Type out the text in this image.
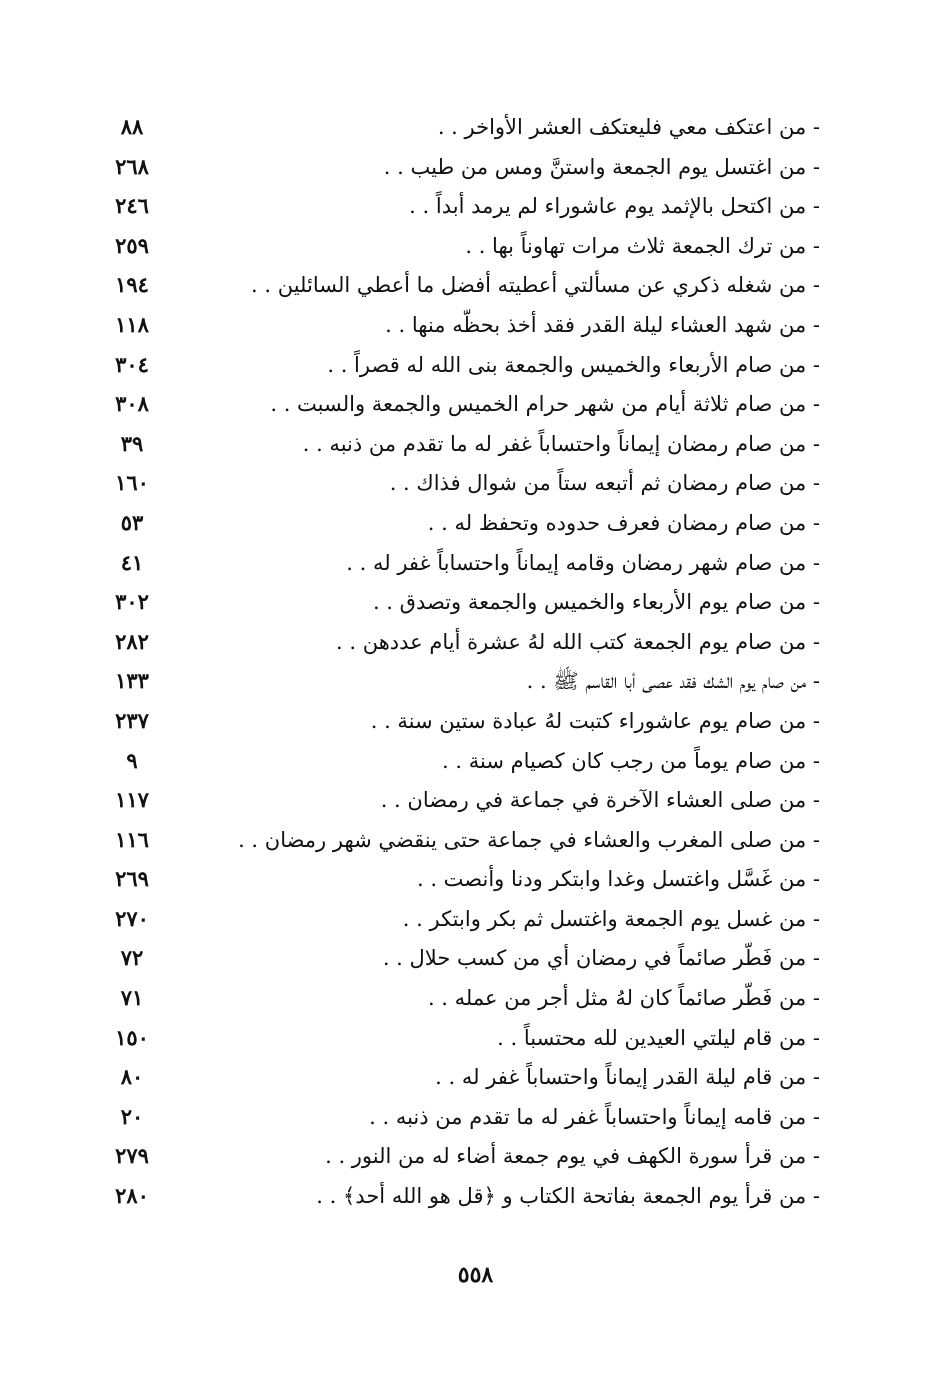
- من اعتكف معي فليعتكف العشر الأواخر . .
٨٨
- من اغتسل يوم الجمعة واستنَّ ومس من طيب . .
٢٦٨
- من اكتحل بالإثمد يوم عاشوراء لم يرمد أبداً . .
٢٤٦
- من ترك الجمعة ثلاث مرات تهاوناً بها . .
٢٥٩
- من شغله ذكري عن مسألتي أعطيته أفضل ما أعطي السائلين . .
١٩٤
- من شهد العشاء ليلة القدر فقد أخذ بحظّه منها . .
١١٨
- من صام الأربعاء والخميس والجمعة بنى الله له قصراً . .
٣٠٤
- من صام ثلاثة أيام من شهر حرام الخميس والجمعة والسبت . .
٣٠٨
- من صام رمضان إيماناً واحتساباً غفر له ما تقدم من ذنبه . .
٣٩
- من صام رمضان ثم أتبعه ستاً من شوال فذاك . .
١٦٠
- من صام رمضان فعرف حدوده وتحفظ له . .
٥٣
- من صام شهر رمضان وقامه إيماناً واحتساباً غفر له . .
٤١
- من صام يوم الأربعاء والخميس والجمعة وتصدق . .
٣٠٢
- من صام يوم الجمعة كتب الله لهُ عشرة أيام عددهن . .
٢٨٢
- من صام يوم الشك فقد عصى أبا القاسم ﷺ . .
١٣٣
- من صام يوم عاشوراء كتبت لهُ عبادة ستين سنة . .
٢٣٧
- من صام يوماً من رجب كان كصيام سنة . .
٩
- من صلى العشاء الآخرة في جماعة في رمضان . .
١١٧
- من صلى المغرب والعشاء في جماعة حتى ينقضي شهر رمضان . .
١١٦
- من غَسَّل واغتسل وغدا وابتكر ودنا وأنصت . .
٢٦٩
- من غسل يوم الجمعة واغتسل ثم بكر وابتكر . .
٢٧٠
- من فَطّر صائماً في رمضان أي من كسب حلال . .
٧٢
- من فَطّر صائماً كان لهُ مثل أجر من عمله . .
٧١
- من قام ليلتي العيدين لله محتسباً . .
١٥٠
- من قام ليلة القدر إيماناً واحتساباً غفر له . .
٨٠
- من قامه إيماناً واحتساباً غفر له ما تقدم من ذنبه . .
٢٠
- من قرأ سورة الكهف في يوم جمعة أضاء له من النور . .
٢٧٩
- من قرأ يوم الجمعة بفاتحة الكتاب و ﴿قل هو الله أحد﴾ . .
٢٨٠
٥٥٨
